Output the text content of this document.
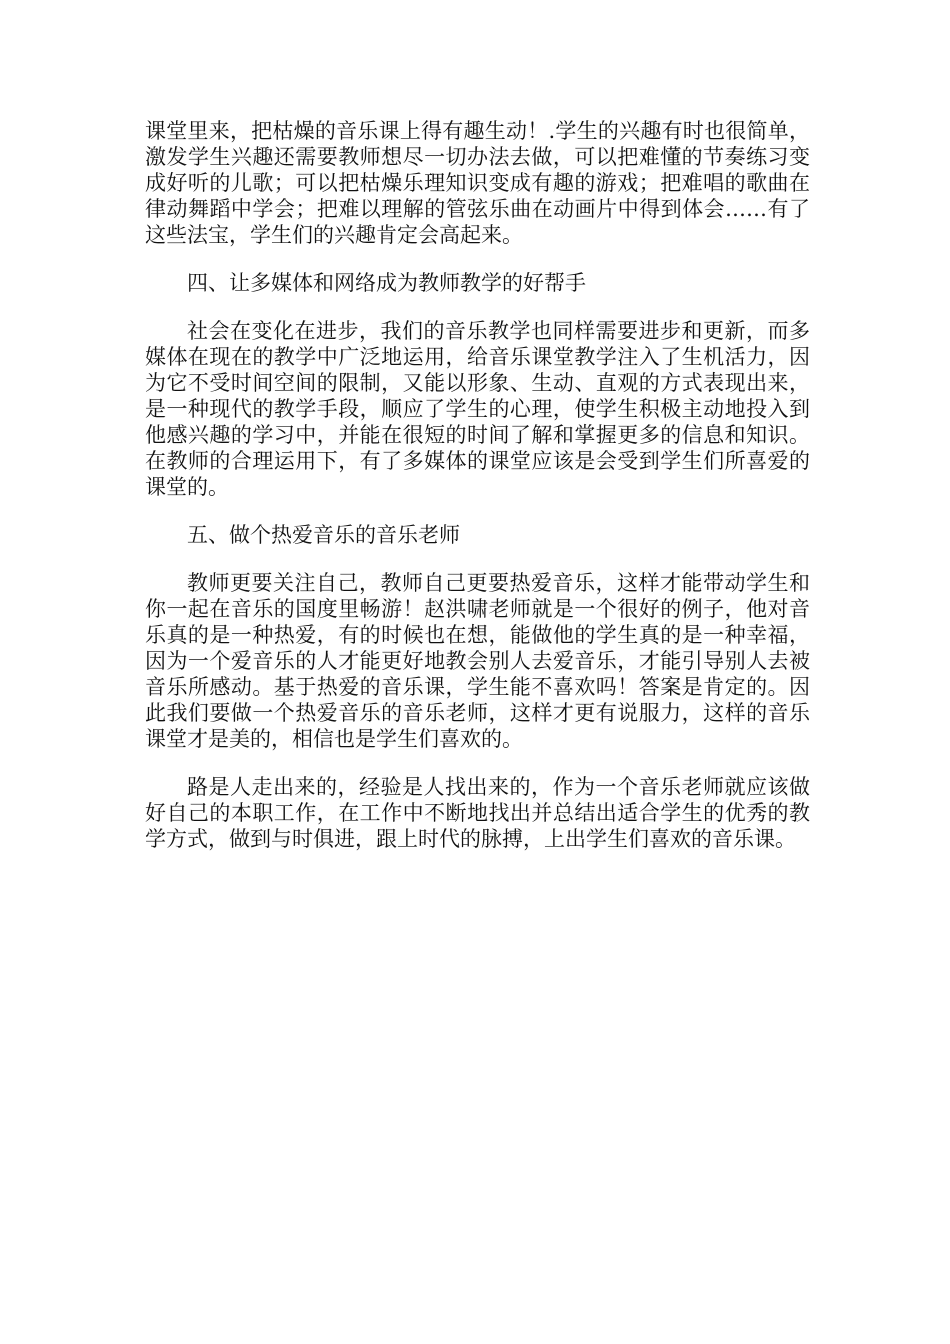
课堂里来，把枯燥的音乐课上得有趣生动！.学生的兴趣有时也很简单，激发学生兴趣还需要教师想尽一切办法去做，可以把难懂的节奏练习变成好听的儿歌；可以把枯燥乐理知识变成有趣的游戏；把难唱的歌曲在律动舞蹈中学会；把难以理解的管弦乐曲在动画片中得到体会……有了这些法宝，学生们的兴趣肯定会高起来。

四、让多媒体和网络成为教师教学的好帮手

社会在变化在进步，我们的音乐教学也同样需要进步和更新，而多媒体在现在的教学中广泛地运用，给音乐课堂教学注入了生机活力，因为它不受时间空间的限制，又能以形象、生动、直观的方式表现出来，是一种现代的教学手段，顺应了学生的心理，使学生积极主动地投入到他感兴趣的学习中，并能在很短的时间了解和掌握更多的信息和知识。在教师的合理运用下，有了多媒体的课堂应该是会受到学生们所喜爱的课堂的。

五、做个热爱音乐的音乐老师

教师更要关注自己，教师自己更要热爱音乐，这样才能带动学生和你一起在音乐的国度里畅游！赵洪啸老师就是一个很好的例子，他对音乐真的是一种热爱，有的时候也在想，能做他的学生真的是一种幸福，因为一个爱音乐的人才能更好地教会别人去爱音乐，才能引导别人去被音乐所感动。基于热爱的音乐课，学生能不喜欢吗！答案是肯定的。因此我们要做一个热爱音乐的音乐老师，这样才更有说服力，这样的音乐课堂才是美的，相信也是学生们喜欢的。

路是人走出来的，经验是人找出来的，作为一个音乐老师就应该做好自己的本职工作，在工作中不断地找出并总结出适合学生的优秀的教学方式，做到与时俱进，跟上时代的脉搏，上出学生们喜欢的音乐课。
